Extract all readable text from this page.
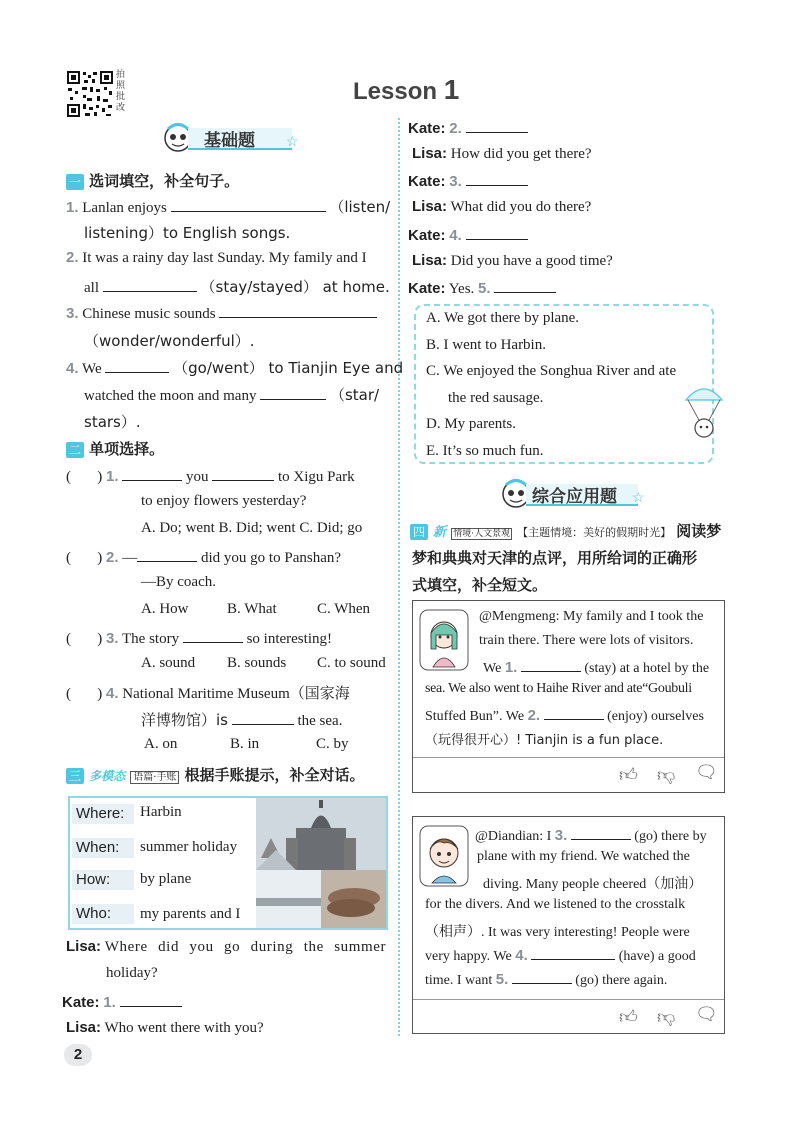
拍照批改
Lesson 1
基础题 ☆
一 选词填空，补全句子。
1. Lanlan enjoys	（listen/
listening）to English songs.
2. It was a rainy day last Sunday. My family and I
all	（stay/stayed） at home.
3. Chinese music sounds
（wonder/wonderful）.
4. We	（go/went） to Tianjin Eye and
watched the moon and many	（star/
stars）.
二 单项选择。
(       ) 1.	you	to Xigu Park
to enjoy flowers yesterday?
A. Do; went B. Did; went C. Did; go
(       ) 2. —	did you go to Panshan?
—By coach.
A. How	B. What	C. When
(       ) 3. The story	so interesting!
A. sound B. sounds C. to sound
(       ) 4. National Maritime Museum（国家海
洋博物馆）is	the sea.
A. on	B. in	C. by
三 多模态 语篇·手账 根据手账提示，补全对话。
Where: Harbin
When: summer holiday
How: by plane
Who: my parents and I
Lisa: Where did you go during the summer
holiday?
Kate: 1.
Lisa: Who went there with you?
2
Kate: 2.
Lisa: How did you get there?
Kate: 3.
Lisa: What did you do there?
Kate: 4.
Lisa: Did you have a good time?
Kate: Yes. 5.
A. We got there by plane.
B. I went to Harbin.
C. We enjoyed the Songhua River and ate
the red sausage.
D. My parents.
E. It’s so much fun.
综合应用题 ☆
四 新 情境·人文景观 【主题情境：美好的假期时光】 阅读梦
梦和典典对天津的点评，用所给词的正确形
式填空，补全短文。
@Mengmeng: My family and I took the
train there. There were lots of visitors.
We 1.	(stay) at a hotel by the
sea. We also went to Haihe River and ate“Goubuli
Stuffed Bun”. We 2.	(enjoy) ourselves
（玩得很开心）! Tianjin is a fun place.
👍︎ 👎︎ 🗨︎
@Diandian: I 3.	(go) there by
plane with my friend. We watched the
diving. Many people cheered（加油）
for the divers. And we listened to the crosstalk
（相声）. It was very interesting! People were
very happy. We 4.	(have) a good
time. I want 5.	(go) there again.
👍︎ 👎︎ 🗨︎
